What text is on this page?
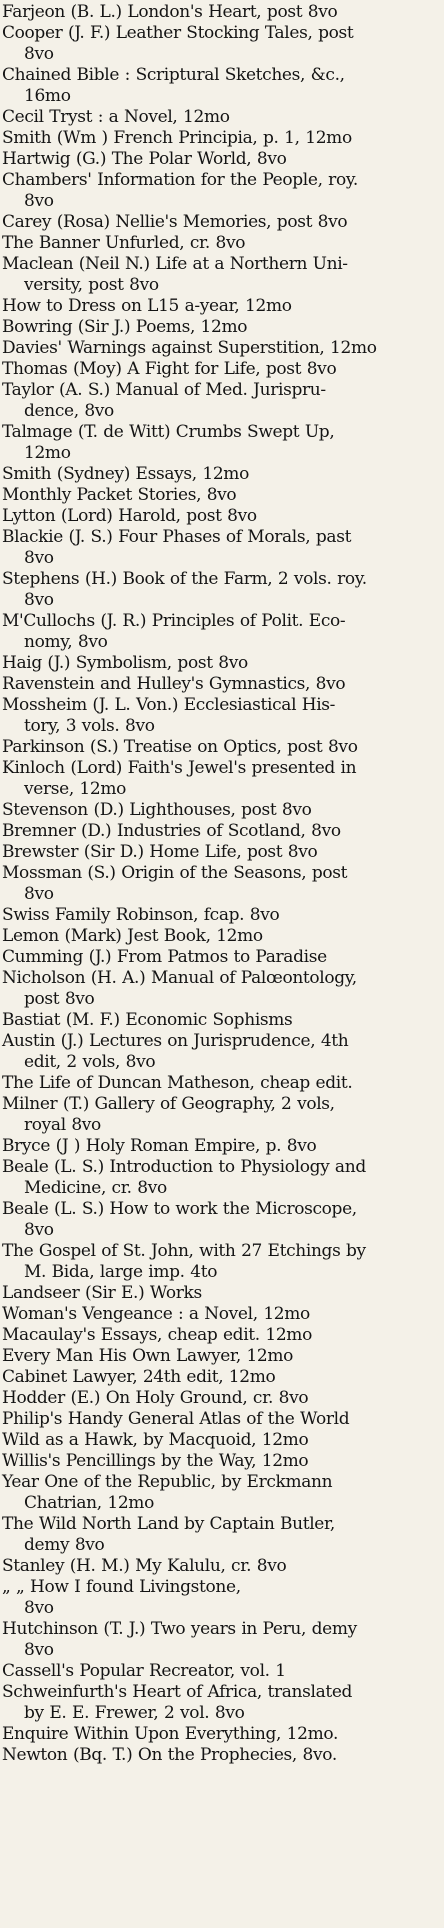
Farjeon (B. L.) London's Heart, post 8vo
Cooper (J. F.) Leather Stocking Tales, post
8vo
Chained Bible : Scriptural Sketches, &c.,
16mo
Cecil Tryst : a Novel, 12mo
Smith (Wm ) French Principia, p. 1, 12mo
Hartwig (G.) The Polar World, 8vo
Chambers' Information for the People, roy.
8vo
Carey (Rosa) Nellie's Memories, post 8vo
The Banner Unfurled, cr. 8vo
Maclean (Neil N.) Life at a Northern Uni-
versity, post 8vo
How to Dress on L15 a-year, 12mo
Bowring (Sir J.) Poems, 12mo
Davies' Warnings against Superstition, 12mo
Thomas (Moy) A Fight for Life, post 8vo
Taylor (A. S.) Manual of Med. Jurispru-
dence, 8vo
Talmage (T. de Witt) Crumbs Swept Up,
12mo
Smith (Sydney) Essays, 12mo
Monthly Packet Stories, 8vo
Lytton (Lord) Harold, post 8vo
Blackie (J. S.) Four Phases of Morals, past
8vo
Stephens (H.) Book of the Farm, 2 vols. roy.
8vo
M'Cullochs (J. R.) Principles of Polit. Eco-
nomy, 8vo
Haig (J.) Symbolism, post 8vo
Ravenstein and Hulley's Gymnastics, 8vo
Mossheim (J. L. Von.) Ecclesiastical His-
tory, 3 vols. 8vo
Parkinson (S.) Treatise on Optics, post 8vo
Kinloch (Lord) Faith's Jewel's presented in
verse, 12mo
Stevenson (D.) Lighthouses, post 8vo
Bremner (D.) Industries of Scotland, 8vo
Brewster (Sir D.) Home Life, post 8vo
Mossman (S.) Origin of the Seasons, post
8vo
Swiss Family Robinson, fcap. 8vo
Lemon (Mark) Jest Book, 12mo
Cumming (J.) From Patmos to Paradise
Nicholson (H. A.) Manual of Palœontology,
post 8vo
Bastiat (M. F.) Economic Sophisms
Austin (J.) Lectures on Jurisprudence, 4th
edit, 2 vols, 8vo
The Life of Duncan Matheson, cheap edit.
Milner (T.) Gallery of Geography, 2 vols,
royal 8vo
Bryce (J ) Holy Roman Empire, p. 8vo
Beale (L. S.) Introduction to Physiology and
Medicine, cr. 8vo
Beale (L. S.) How to work the Microscope,
8vo
The Gospel of St. John, with 27 Etchings by
M. Bida, large imp. 4to
Landseer (Sir E.) Works
Woman's Vengeance : a Novel, 12mo
Macaulay's Essays, cheap edit. 12mo
Every Man His Own Lawyer, 12mo
Cabinet Lawyer, 24th edit, 12mo
Hodder (E.) On Holy Ground, cr. 8vo
Philip's Handy General Atlas of the World
Wild as a Hawk, by Macquoid, 12mo
Willis's Pencillings by the Way, 12mo
Year One of the Republic, by Erckmann
Chatrian, 12mo
The Wild North Land by Captain Butler,
demy 8vo
Stanley (H. M.) My Kalulu, cr. 8vo
„ „ How I found Livingstone,
8vo
Hutchinson (T. J.) Two years in Peru, demy
8vo
Cassell's Popular Recreator, vol. 1
Schweinfurth's Heart of Africa, translated
by E. E. Frewer, 2 vol. 8vo
Enquire Within Upon Everything, 12mo.
Newton (Bq. T.) On the Prophecies, 8vo.
